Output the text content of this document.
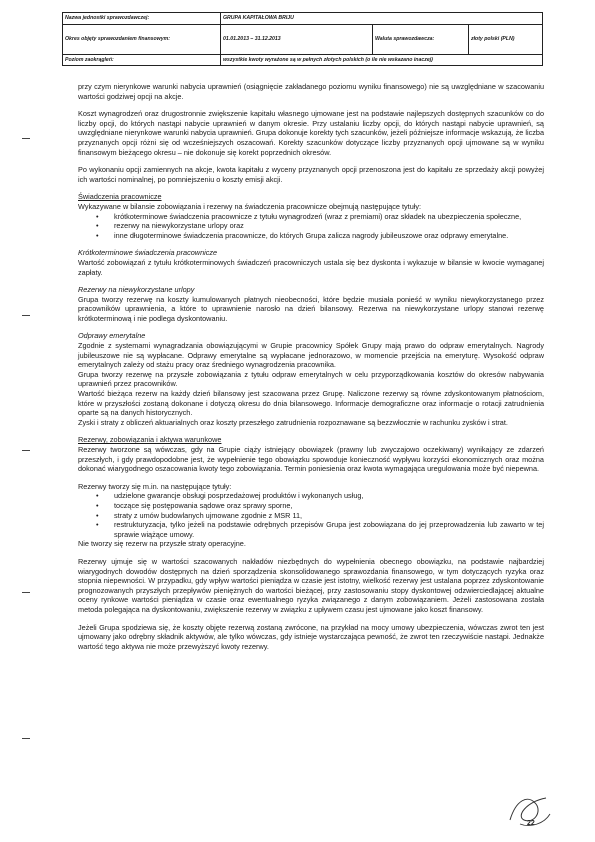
Nazwa jednostki sprawozdawczej:	GRUPA KAPITAŁOWA BRIJU		
Okres objęty sprawozdaniem finansowym:	01.01.2013 – 31.12.2013	Waluta sprawozdawcza:	złoty polski (PLN)
Poziom zaokrągleń:	wszystkie kwoty wyrażone są w pełnych złotych polskich (o ile nie wskazano inaczej)		

przy czym nierynkowe warunki nabycia uprawnień (osiągnięcie zakładanego poziomu wyniku finansowego) nie są uwzględniane w szacowaniu wartości godziwej opcji na akcje.

Koszt wynagrodzeń oraz drugostronnie zwiększenie kapitału własnego ujmowane jest na podstawie najlepszych dostępnych szacunków co do liczby opcji, do których nastąpi nabycie uprawnień w danym okresie. Przy ustalaniu liczby opcji, do których nastąpi nabycie uprawnień, są uwzględniane nierynkowe warunki nabycia uprawnień. Grupa dokonuje korekty tych szacunków, jeżeli późniejsze informacje wskazują, że liczba przyznanych opcji różni się od wcześniejszych oszacowań. Korekty szacunków dotyczące liczby przyznanych opcji ujmowane są w wyniku finansowym bieżącego okresu – nie dokonuje się korekt poprzednich okresów.

Po wykonaniu opcji zamiennych na akcje, kwota kapitału z wyceny przyznanych opcji przenoszona jest do kapitału ze sprzedaży akcji powyżej ich wartości nominalnej, po pomniejszeniu o koszty emisji akcji.

Świadczenia pracownicze

Wykazywane w bilansie zobowiązania i rezerwy na świadczenia pracownicze obejmują następujące tytuły:

• krótkoterminowe świadczenia pracownicze z tytułu wynagrodzeń (wraz z premiami) oraz składek na ubezpieczenia społeczne,
• rezerwy na niewykorzystane urlopy oraz
• inne długoterminowe świadczenia pracownicze, do których Grupa zalicza nagrody jubileuszowe oraz odprawy emerytalne.

Krótkoterminowe świadczenia pracownicze

Wartość zobowiązań z tytułu krótkoterminowych świadczeń pracowniczych ustala się bez dyskonta i wykazuje w bilansie w kwocie wymaganej zapłaty.

Rezerwy na niewykorzystane urlopy

Grupa tworzy rezerwę na koszty kumulowanych płatnych nieobecności, które będzie musiała ponieść w wyniku niewykorzystanego przez pracowników uprawnienia, a które to uprawnienie narosło na dzień bilansowy. Rezerwa na niewykorzystane urlopy stanowi rezerwę krótkoterminową i nie podlega dyskontowaniu.

Odprawy emerytalne

Zgodnie z systemami wynagradzania obowiązującymi w Grupie pracownicy Spółek Grupy mają prawo do odpraw emerytalnych. Nagrody jubileuszowe nie są wypłacane. Odprawy emerytalne są wypłacane jednorazowo, w momencie przejścia na emeryturę. Wysokość odpraw emerytalnych zależy od stażu pracy oraz średniego wynagrodzenia pracownika.

Grupa tworzy rezerwę na przyszłe zobowiązania z tytułu odpraw emerytalnych w celu przyporządkowania kosztów do okresów nabywania uprawnień przez pracowników.

Wartość bieżąca rezerw na każdy dzień bilansowy jest szacowana przez Grupę. Naliczone rezerwy są równe zdyskontowanym płatnościom, które w przyszłości zostaną dokonane i dotyczą okresu do dnia bilansowego. Informacje demograficzne oraz informacje o rotacji zatrudnienia oparte są na danych historycznych.

Zyski i straty z obliczeń aktuarialnych oraz koszty przeszłego zatrudnienia rozpoznawane są bezzwłocznie w rachunku zysków i strat.

Rezerwy, zobowiązania i aktywa warunkowe

Rezerwy tworzone są wówczas, gdy na Grupie ciąży istniejący obowiązek (prawny lub zwyczajowo oczekiwany) wynikający ze zdarzeń przeszłych, i gdy prawdopodobne jest, że wypełnienie tego obowiązku spowoduje konieczność wypływu korzyści ekonomicznych oraz można dokonać wiarygodnego oszacowania kwoty tego zobowiązania. Termin poniesienia oraz kwota wymagająca uregulowania może być niepewna.

Rezerwy tworzy się m.in. na następujące tytuły:

• udzielone gwarancje obsługi posprzedażowej produktów i wykonanych usług,
• toczące się postępowania sądowe oraz sprawy sporne,
• straty z umów budowlanych ujmowane zgodnie z MSR 11,
• restrukturyzacja, tylko jeżeli na podstawie odrębnych przepisów Grupa jest zobowiązana do jej przeprowadzenia lub zawarto w tej sprawie wiążące umowy.

Nie tworzy się rezerw na przyszłe straty operacyjne.

Rezerwy ujmuje się w wartości szacowanych nakładów niezbędnych do wypełnienia obecnego obowiązku, na podstawie najbardziej wiarygodnych dowodów dostępnych na dzień sporządzenia skonsolidowanego sprawozdania finansowego, w tym dotyczących ryzyka oraz stopnia niepewności. W przypadku, gdy wpływ wartości pieniądza w czasie jest istotny, wielkość rezerwy jest ustalana poprzez zdyskontowanie prognozowanych przyszłych przepływów pieniężnych do wartości bieżącej, przy zastosowaniu stopy dyskontowej odzwierciedlającej aktualne oceny rynkowe wartości pieniądza w czasie oraz ewentualnego ryzyka związanego z danym zobowiązaniem. Jeżeli zastosowana została metoda polegająca na dyskontowaniu, zwiększenie rezerwy w związku z upływem czasu jest ujmowane jako koszt finansowy.

Jeżeli Grupa spodziewa się, że koszty objęte rezerwą zostaną zwrócone, na przykład na mocy umowy ubezpieczenia, wówczas zwrot ten jest ujmowany jako odrębny składnik aktywów, ale tylko wówczas, gdy istnieje wystarczająca pewność, że zwrot ten rzeczywiście nastąpi. Jednakże wartość tego aktywa nie może przewyższyć kwoty rezerwy.

22
